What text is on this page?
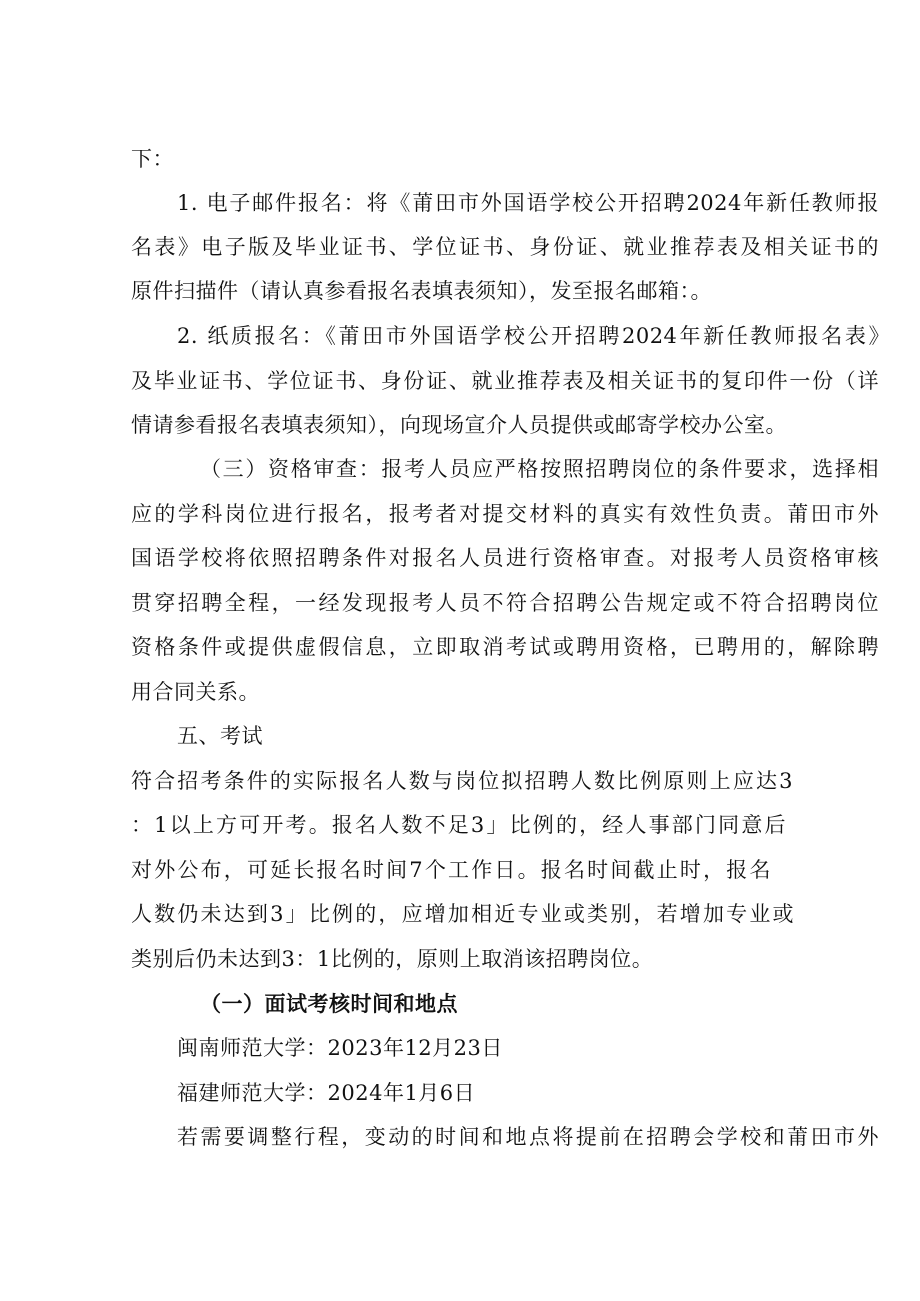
下：
1. 电子邮件报名：将《莆田市外国语学校公开招聘2024年新任教师报
名表》电子版及毕业证书、学位证书、身份证、就业推荐表及相关证书的
原件扫描件（请认真参看报名表填表须知），发至报名邮箱：。
2. 纸质报名：《莆田市外国语学校公开招聘2024年新任教师报名表》
及毕业证书、学位证书、身份证、就业推荐表及相关证书的复印件一份（详
情请参看报名表填表须知），向现场宣介人员提供或邮寄学校办公室。
（三）资格审查：报考人员应严格按照招聘岗位的条件要求，选择相
应的学科岗位进行报名，报考者对提交材料的真实有效性负责。莆田市外
国语学校将依照招聘条件对报名人员进行资格审查。对报考人员资格审核
贯穿招聘全程，一经发现报考人员不符合招聘公告规定或不符合招聘岗位
资格条件或提供虚假信息，立即取消考试或聘用资格，已聘用的，解除聘
用合同关系。
五、考试
符合招考条件的实际报名人数与岗位拟招聘人数比例原则上应达3
：1以上方可开考。报名人数不足3」比例的，经人事部门同意后
对外公布，可延长报名时间7个工作日。报名时间截止时，报名
人数仍未达到3」比例的，应增加相近专业或类别，若增加专业或
类别后仍未达到3：1比例的，原则上取消该招聘岗位。
（一）面试考核时间和地点
闽南师范大学：2023年12月23日
福建师范大学：2024年1月6日
若需要调整行程，变动的时间和地点将提前在招聘会学校和莆田市外
